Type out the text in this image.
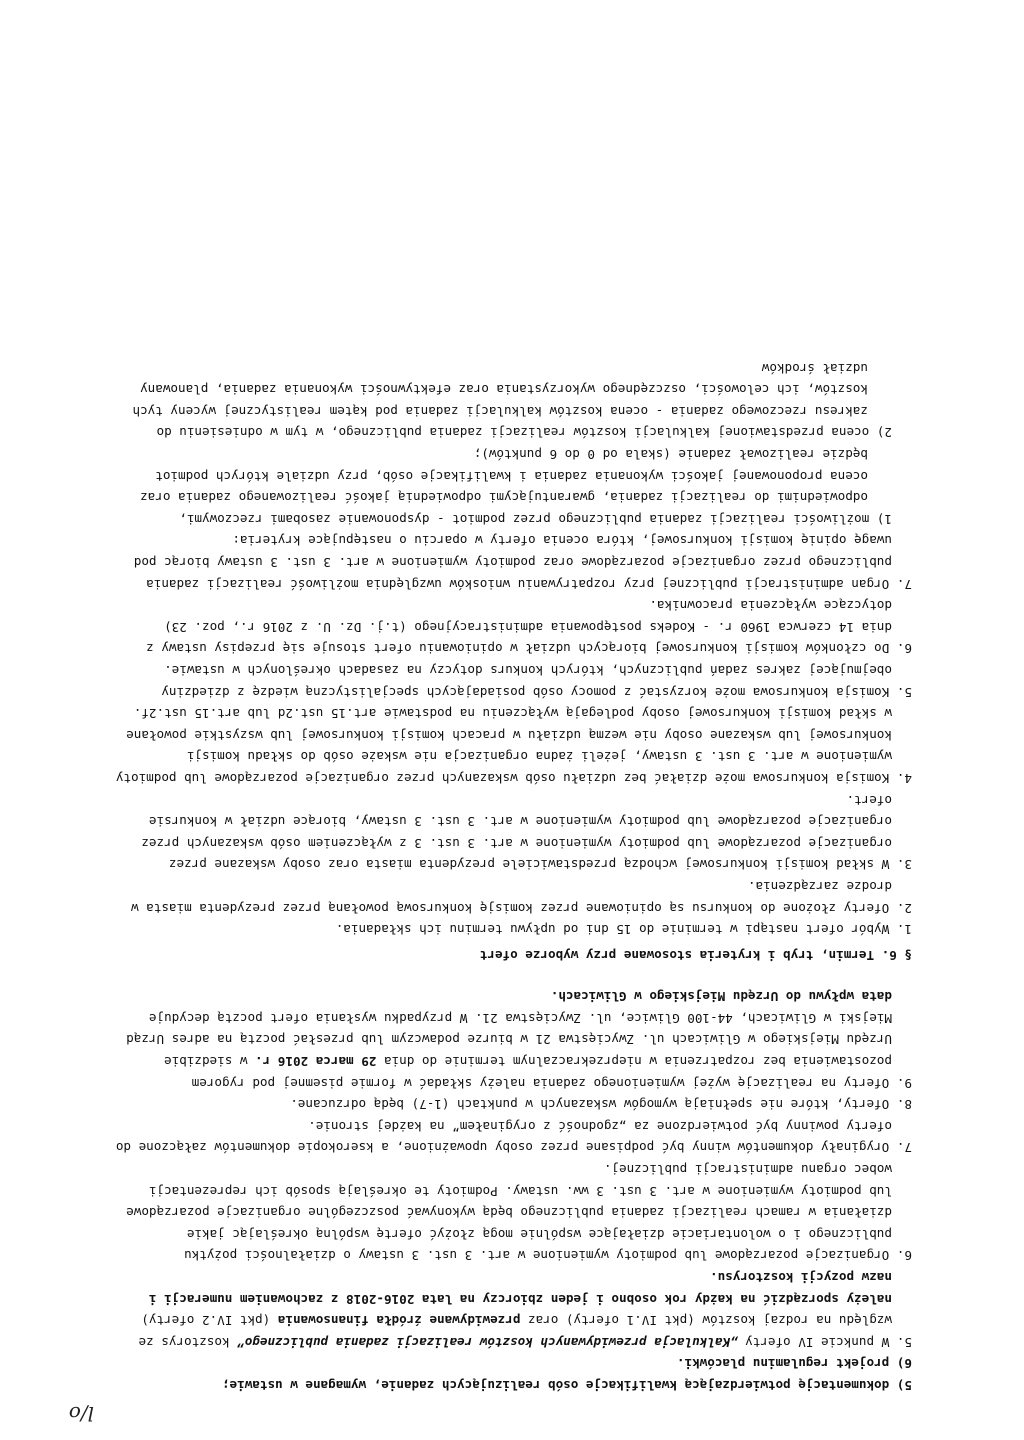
l/o

5) dokumentację potwierdzającą kwalifikacje osób realizujących zadanie, wymagane w ustawie;

6) projekt regulaminu placówki.

5. W punkcie IV oferty „Kalkulacja przewidywanych kosztów realizacji zadania publicznego” kosztorys ze względu na rodzaj kosztów (pkt IV.1 oferty) oraz przewidywane źródła finansowania (pkt IV.2 oferty) należy sporządzić na każdy rok osobno i jeden zbiorczy na lata 2016-2018 z zachowaniem numeracji i nazw pozycji kosztorysu.

6. Organizacje pozarządowe lub podmioty wymienione w art. 3 ust. 3 ustawy o działalności pożytku publicznego i o wolontariacie działające wspólnie mogą złożyć ofertę wspólną określając jakie działania w ramach realizacji zadania publicznego będą wykonywać poszczególne organizacje pozarządowe lub podmioty wymienione w art. 3 ust. 3 ww. ustawy. Podmioty te określają sposób ich reprezentacji wobec organu administracji publicznej.

7. Oryginały dokumentów winny być podpisane przez osoby upoważnione, a kserokopie dokumentów załączone do oferty powinny być potwierdzone za „zgodność z oryginałem” na każdej stronie.

8. Oferty, które nie spełniają wymogów wskazanych w punktach (1-7) będą odrzucane.

9. Oferty na realizację wyżej wymienionego zadania należy składać w formie pisemnej pod rygorem pozostawienia bez rozpatrzenia w nieprzekraczalnym terminie do dnia 29 marca 2016 r. w siedzibie Urzędu Miejskiego w Gliwicach ul. Zwycięstwa 21 w biurze podawczym lub przesłać pocztą na adres Urząd Miejski w Gliwicach, 44-100 Gliwice, ul. Zwycięstwa 21. W przypadku wysłania ofert pocztą decyduje data wpływu do Urzędu Miejskiego w Gliwicach.

§ 6. Termin, tryb i kryteria stosowane przy wyborze ofert

1. Wybór ofert nastąpi w terminie do 15 dni od upływu terminu ich składania.

2. Oferty złożone do konkursu są opiniowane przez komisję konkursową powołaną przez prezydenta miasta w drodze zarządzenia.

3. W skład komisji konkursowej wchodzą przedstawiciele prezydenta miasta oraz osoby wskazane przez organizacje pozarządowe lub podmioty wymienione w art. 3 ust. 3 z wyłączeniem osób wskazanych przez organizacje pozarządowe lub podmioty wymienione w art. 3 ust. 3 ustawy, biorące udział w konkursie ofert.

4. Komisja konkursowa może działać bez udziału osób wskazanych przez organizacje pozarządowe lub podmioty wymienione w art. 3 ust. 3 ustawy, jeżeli żadna organizacja nie wskaże osób do składu komisji konkursowej lub wskazane osoby nie wezmą udziału w pracach komisji konkursowej lub wszystkie powołane w skład komisji konkursowej osoby podlegają wyłączeniu na podstawie art.15 ust.2d lub art.15 ust.2f.

5. Komisja konkursowa może korzystać z pomocy osób posiadających specjalistyczną wiedzę z dziedziny obejmującej zakres zadań publicznych, których konkurs dotyczy na zasadach określonych w ustawie.

6. Do członków komisji konkursowej biorących udział w opiniowaniu ofert stosuje się przepisy ustawy z dnia 14 czerwca 1960 r. - Kodeks postępowania administracyjnego (t.j. Dz. U. z 2016 r., poz. 23) dotyczące wyłączenia pracownika.

7. Organ administracji publicznej przy rozpatrywaniu wniosków uwzględnia możliwość realizacji zadania publicznego przez organizacje pozarządowe oraz podmioty wymienione w art. 3 ust. 3 ustawy biorąc pod uwagę opinię komisji konkursowej, która ocenia oferty w oparciu o następujące kryteria:

1) możliwości realizacji zadania publicznego przez podmiot - dysponowanie zasobami rzeczowymi, odpowiednimi do realizacji zadania, gwarantującymi odpowiednią jakość realizowanego zadania oraz ocena proponowanej jakości wykonania zadania i kwalifikacje osób, przy udziale których podmiot będzie realizował zadanie (skala od 0 do 6 punktów);

2) ocena przedstawionej kalkulacji kosztów realizacji zadania publicznego, w tym w odniesieniu do zakresu rzeczowego zadania - ocena kosztów kalkulacji zadania pod kątem realistycznej wyceny tych kosztów, ich celowości, oszczędnego wykorzystania oraz efektywności wykonania zadania, planowany udział środków
